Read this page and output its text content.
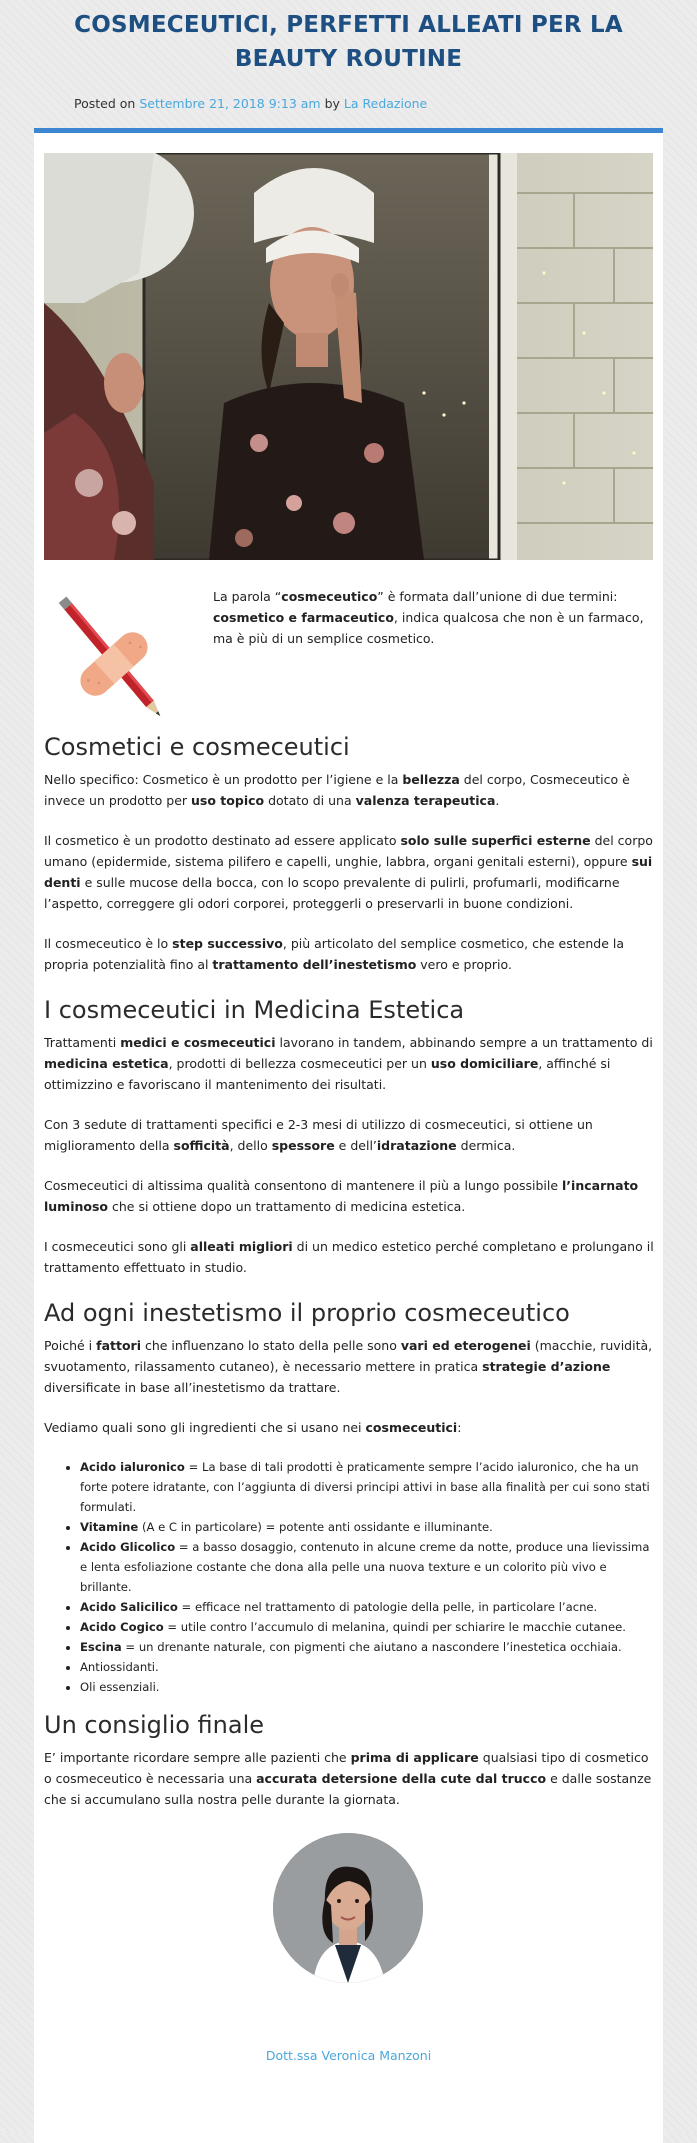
COSMECEUTICI, PERFETTI ALLEATI PER LA BEAUTY ROUTINE
Posted on Settembre 21, 2018 9:13 am by La Redazione
La parola “cosmeceutico” è formata dall’unione di due termini: cosmetico e farmaceutico, indica qualcosa che non è un farmaco, ma è più di un semplice cosmetico.
Cosmetici e cosmeceutici

Nello specifico: Cosmetico è un prodotto per l’igiene e la bellezza del corpo, Cosmeceutico è invece un prodotto per uso topico dotato di una valenza terapeutica.

Il cosmetico è un prodotto destinato ad essere applicato solo sulle superfici esterne del corpo umano (epidermide, sistema pilifero e capelli, unghie, labbra, organi genitali esterni), oppure sui denti e sulle mucose della bocca, con lo scopo prevalente di pulirli, profumarli, modificarne l’aspetto, correggere gli odori corporei, proteggerli o preservarli in buone condizioni.

Il cosmeceutico è lo step successivo, più articolato del semplice cosmetico, che estende la propria potenzialità fino al trattamento dell’inestetismo vero e proprio.

I cosmeceutici in Medicina Estetica

Trattamenti medici e cosmeceutici lavorano in tandem, abbinando sempre a un trattamento di medicina estetica, prodotti di bellezza cosmeceutici per un uso domiciliare, affinché si ottimizzino e favoriscano il mantenimento dei risultati.

Con 3 sedute di trattamenti specifici e 2-3 mesi di utilizzo di cosmeceutici, si ottiene un miglioramento della sofficità, dello spessore e dell’idratazione dermica.

Cosmeceutici di altissima qualità consentono di mantenere il più a lungo possibile l’incarnato luminoso che si ottiene dopo un trattamento di medicina estetica.

I cosmeceutici sono gli alleati migliori di un medico estetico perché completano e prolungano il trattamento effettuato in studio.

Ad ogni inestetismo il proprio cosmeceutico

Poiché i fattori che influenzano lo stato della pelle sono vari ed eterogenei (macchie, ruvidità, svuotamento, rilassamento cutaneo), è necessario mettere in pratica strategie d’azione diversificate in base all’inestetismo da trattare.

Vediamo quali sono gli ingredienti che si usano nei cosmeceutici:

• Acido ialuronico = La base di tali prodotti è praticamente sempre l’acido ialuronico, che ha un forte potere idratante, con l’aggiunta di diversi principi attivi in base alla finalità per cui sono stati formulati.
• Vitamine (A e C in particolare) = potente anti ossidante e illuminante.
• Acido Glicolico = a basso dosaggio, contenuto in alcune creme da notte, produce una lievissima e lenta esfoliazione costante che dona alla pelle una nuova texture e un colorito più vivo e brillante.
• Acido Salicilico = efficace nel trattamento di patologie della pelle, in particolare l’acne.
• Acido Cogico = utile contro l’accumulo di melanina, quindi per schiarire le macchie cutanee.
• Escina = un drenante naturale, con pigmenti che aiutano a nascondere l’inestetica occhiaia.
• Antiossidanti.
• Oli essenziali.
Un consiglio finale

E’ importante ricordare sempre alle pazienti che prima di applicare qualsiasi tipo di cosmetico o cosmeceutico è necessaria una accurata detersione della cute dal trucco e dalle sostanze che si accumulano sulla nostra pelle durante la giornata.

Dott.ssa Veronica Manzoni
